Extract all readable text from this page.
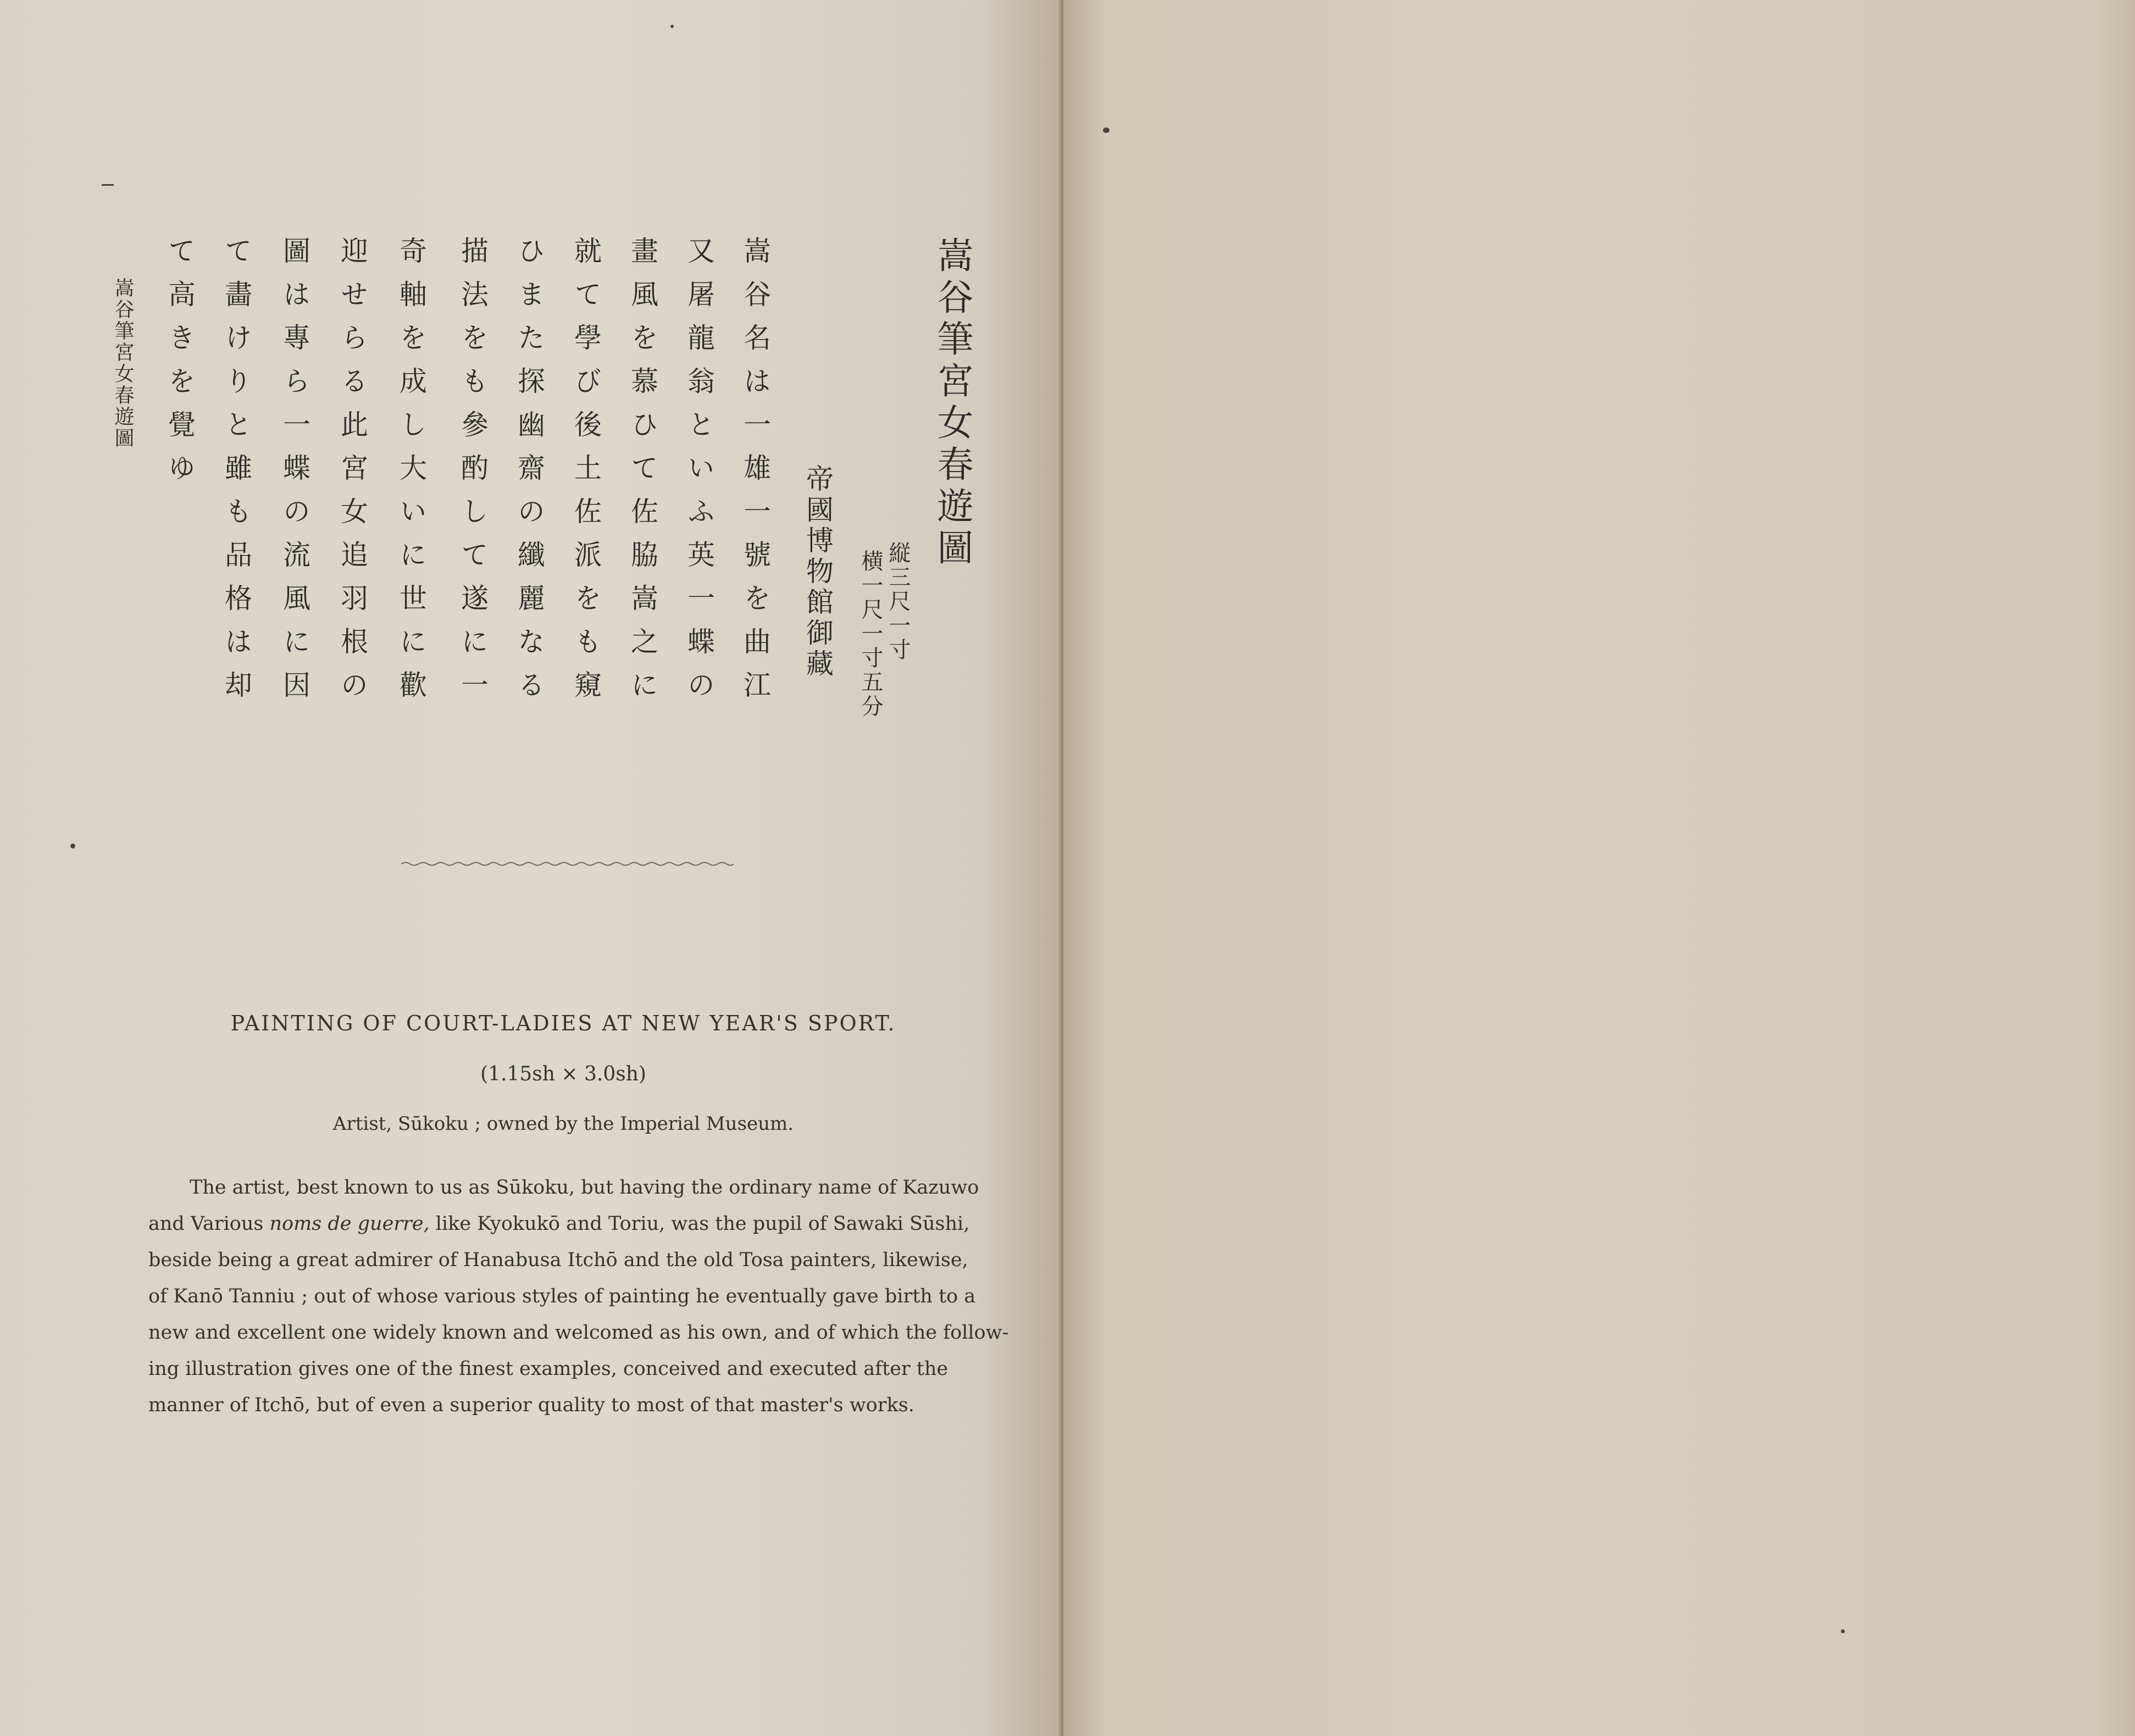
嵩谷筆宮女春遊圖
縦三尺一寸
横一尺一寸五分
帝國博物館御藏
嵩谷名は一雄一號を曲江
又屠龍翁といふ英一蝶の
畫風を慕ひて佐脇嵩之に
就て學び後土佐派をも窺
ひまた探幽齋の纖麗なる
描法をも參酌して遂に一
奇軸を成し大いに世に歡
迎せらる此宮女追羽根の
圖は專ら一蝶の流風に因
て畵けりと雖も品格は却
て高きを覺ゆ
嵩谷筆宮女春遊圖
PAINTING OF COURT-LADIES AT NEW YEAR'S SPORT.
(1.15sh × 3.0sh)
Artist, Sūkoku ; owned by the Imperial Museum.
The artist, best known to us as Sūkoku, but having the ordinary name of Kazuwo
and Various noms de guerre, like Kyokukō and Toriu, was the pupil of Sawaki Sūshi,
beside being a great admirer of Hanabusa Itchō and the old Tosa painters, likewise,
of Kanō Tanniu ; out of whose various styles of painting he eventually gave birth to a
new and excellent one widely known and welcomed as his own, and of which the follow-
ing illustration gives one of the finest examples, conceived and executed after the
manner of Itchō, but of even a superior quality to most of that master's works.
